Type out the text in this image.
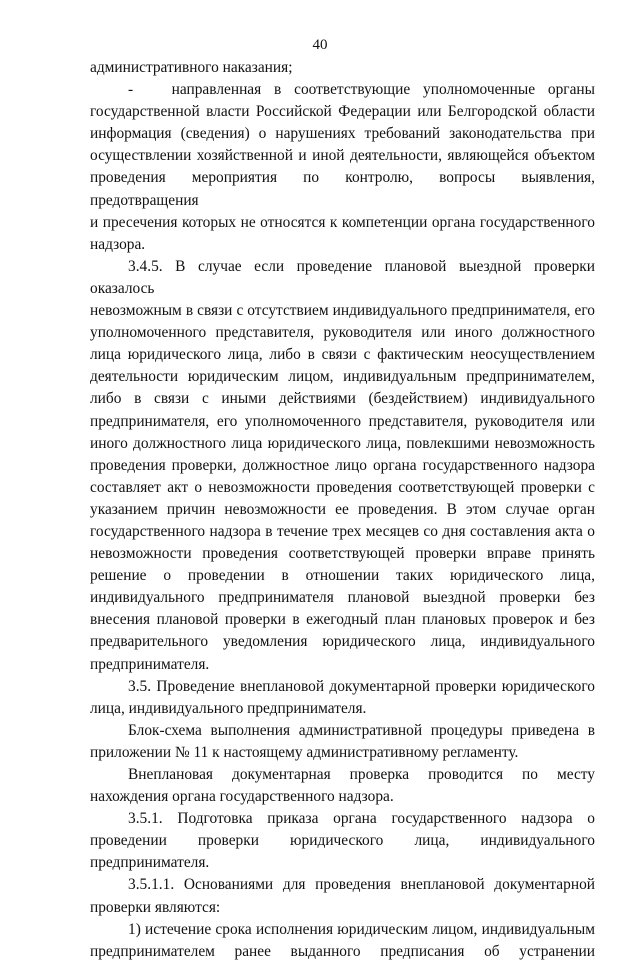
40
административного наказания;
-   направленная в соответствующие уполномоченные органы
государственной власти Российской Федерации или Белгородской области
информация (сведения) о нарушениях требований законодательства при
осуществлении хозяйственной и иной деятельности, являющейся объектом
проведения мероприятия по контролю, вопросы выявления, предотвращения
и пресечения которых не относятся к компетенции органа государственного
надзора.
3.4.5. В случае если проведение плановой выездной проверки оказалось
невозможным в связи с отсутствием индивидуального предпринимателя, его
уполномоченного представителя, руководителя или иного должностного
лица юридического лица, либо в связи с фактическим неосуществлением
деятельности юридическим лицом, индивидуальным предпринимателем,
либо в связи с иными действиями (бездействием) индивидуального
предпринимателя, его уполномоченного представителя, руководителя или
иного должностного лица юридического лица, повлекшими невозможность
проведения проверки, должностное лицо органа государственного надзора
составляет акт о невозможности проведения соответствующей проверки с
указанием причин невозможности ее проведения. В этом случае орган
государственного надзора в течение трех месяцев со дня составления акта о
невозможности проведения соответствующей проверки вправе принять
решение о проведении в отношении таких юридического лица,
индивидуального предпринимателя плановой выездной проверки без
внесения плановой проверки в ежегодный план плановых проверок и без
предварительного уведомления юридического лица, индивидуального
предпринимателя.
3.5. Проведение внеплановой документарной проверки юридического
лица, индивидуального предпринимателя.
Блок-схема выполнения административной процедуры приведена в
приложении № 11 к настоящему административному регламенту.
Внеплановая документарная проверка проводится по месту
нахождения органа государственного надзора.
3.5.1. Подготовка приказа органа государственного надзора о
проведении проверки юридического лица, индивидуального
предпринимателя.
3.5.1.1. Основаниями для проведения внеплановой документарной
проверки являются:
1) истечение срока исполнения юридическим лицом, индивидуальным
предпринимателем ранее выданного предписания об устранении
